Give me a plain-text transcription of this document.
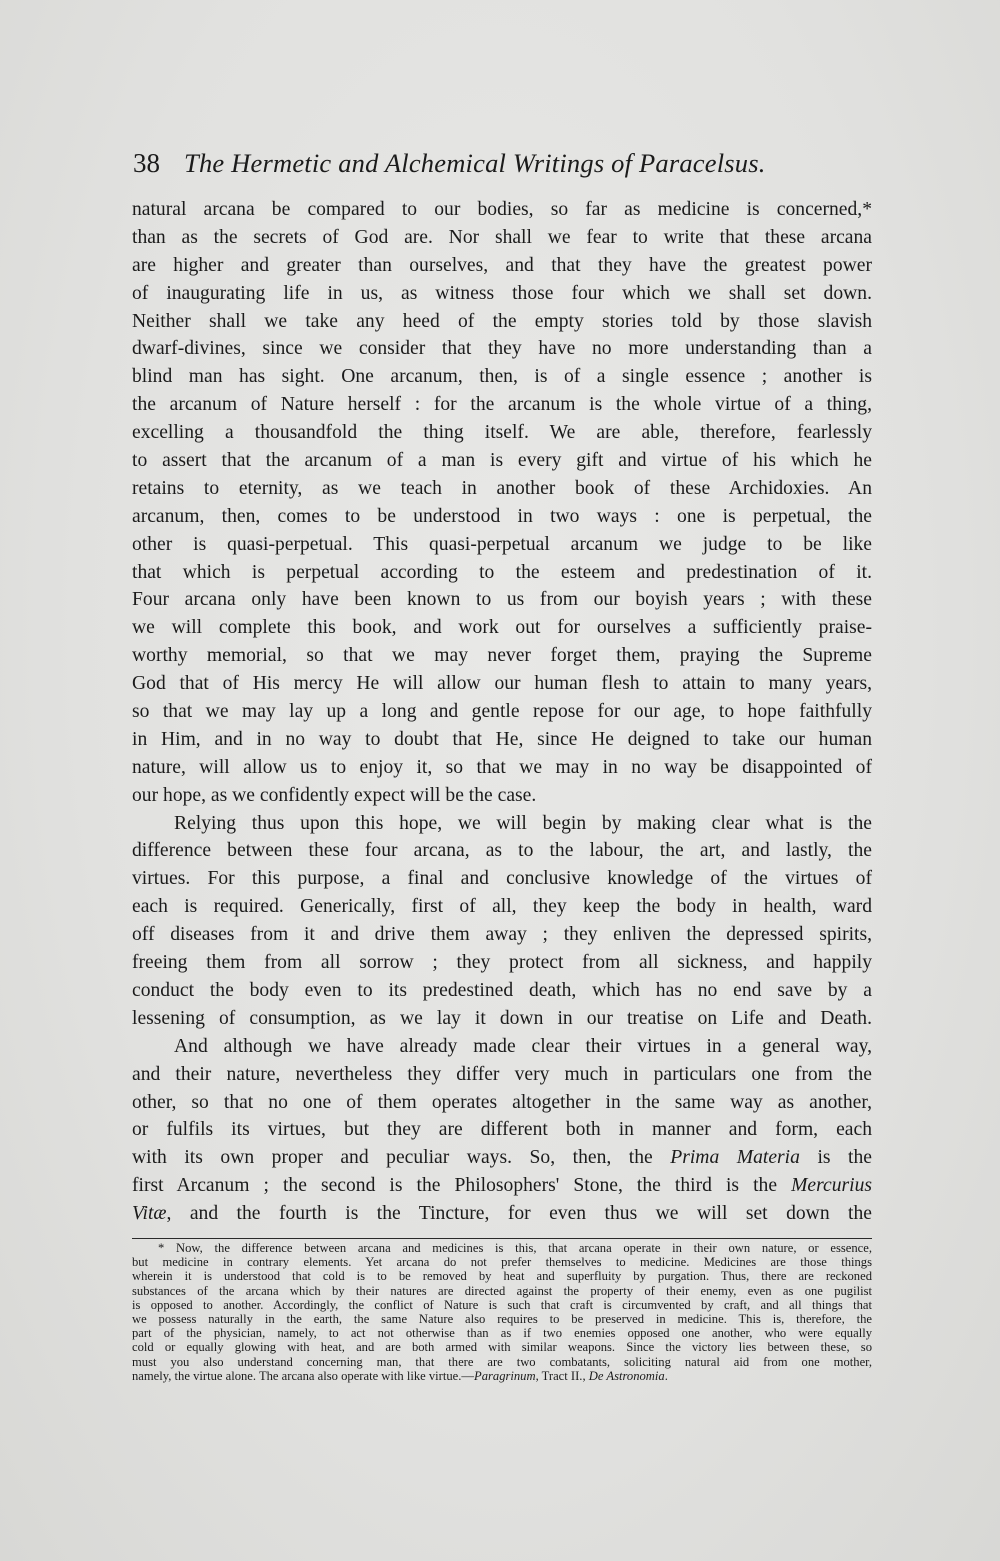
38 The Hermetic and Alchemical Writings of Paracelsus.
natural arcana be compared to our bodies, so far as medicine is concerned,*
than as the secrets of God are. Nor shall we fear to write that these arcana
are higher and greater than ourselves, and that they have the greatest power
of inaugurating life in us, as witness those four which we shall set down.
Neither shall we take any heed of the empty stories told by those slavish
dwarf-divines, since we consider that they have no more understanding than a
blind man has sight. One arcanum, then, is of a single essence ; another is
the arcanum of Nature herself : for the arcanum is the whole virtue of a thing,
excelling a thousandfold the thing itself. We are able, therefore, fearlessly
to assert that the arcanum of a man is every gift and virtue of his which he
retains to eternity, as we teach in another book of these Archidoxies. An
arcanum, then, comes to be understood in two ways : one is perpetual, the
other is quasi-perpetual. This quasi-perpetual arcanum we judge to be like
that which is perpetual according to the esteem and predestination of it.
Four arcana only have been known to us from our boyish years ; with these
we will complete this book, and work out for ourselves a sufficiently praise-
worthy memorial, so that we may never forget them, praying the Supreme
God that of His mercy He will allow our human flesh to attain to many years,
so that we may lay up a long and gentle repose for our age, to hope faithfully
in Him, and in no way to doubt that He, since He deigned to take our human
nature, will allow us to enjoy it, so that we may in no way be disappointed of
our hope, as we confidently expect will be the case.
Relying thus upon this hope, we will begin by making clear what is the
difference between these four arcana, as to the labour, the art, and lastly, the
virtues. For this purpose, a final and conclusive knowledge of the virtues of
each is required. Generically, first of all, they keep the body in health, ward
off diseases from it and drive them away ; they enliven the depressed spirits,
freeing them from all sorrow ; they protect from all sickness, and happily
conduct the body even to its predestined death, which has no end save by a
lessening of consumption, as we lay it down in our treatise on Life and Death.
And although we have already made clear their virtues in a general way,
and their nature, nevertheless they differ very much in particulars one from the
other, so that no one of them operates altogether in the same way as another,
or fulfils its virtues, but they are different both in manner and form, each
with its own proper and peculiar ways. So, then, the Prima Materia is the
first Arcanum ; the second is the Philosophers' Stone, the third is the Mercurius
Vitæ, and the fourth is the Tincture, for even thus we will set down the
* Now, the difference between arcana and medicines is this, that arcana operate in their own nature, or essence,
but medicine in contrary elements. Yet arcana do not prefer themselves to medicine. Medicines are those things
wherein it is understood that cold is to be removed by heat and superfluity by purgation. Thus, there are reckoned
substances of the arcana which by their natures are directed against the property of their enemy, even as one pugilist
is opposed to another. Accordingly, the conflict of Nature is such that craft is circumvented by craft, and all things that
we possess naturally in the earth, the same Nature also requires to be preserved in medicine. This is, therefore, the
part of the physician, namely, to act not otherwise than as if two enemies opposed one another, who were equally
cold or equally glowing with heat, and are both armed with similar weapons. Since the victory lies between these, so
must you also understand concerning man, that there are two combatants, soliciting natural aid from one mother,
namely, the virtue alone. The arcana also operate with like virtue.—Paragrinum, Tract II., De Astronomia.
